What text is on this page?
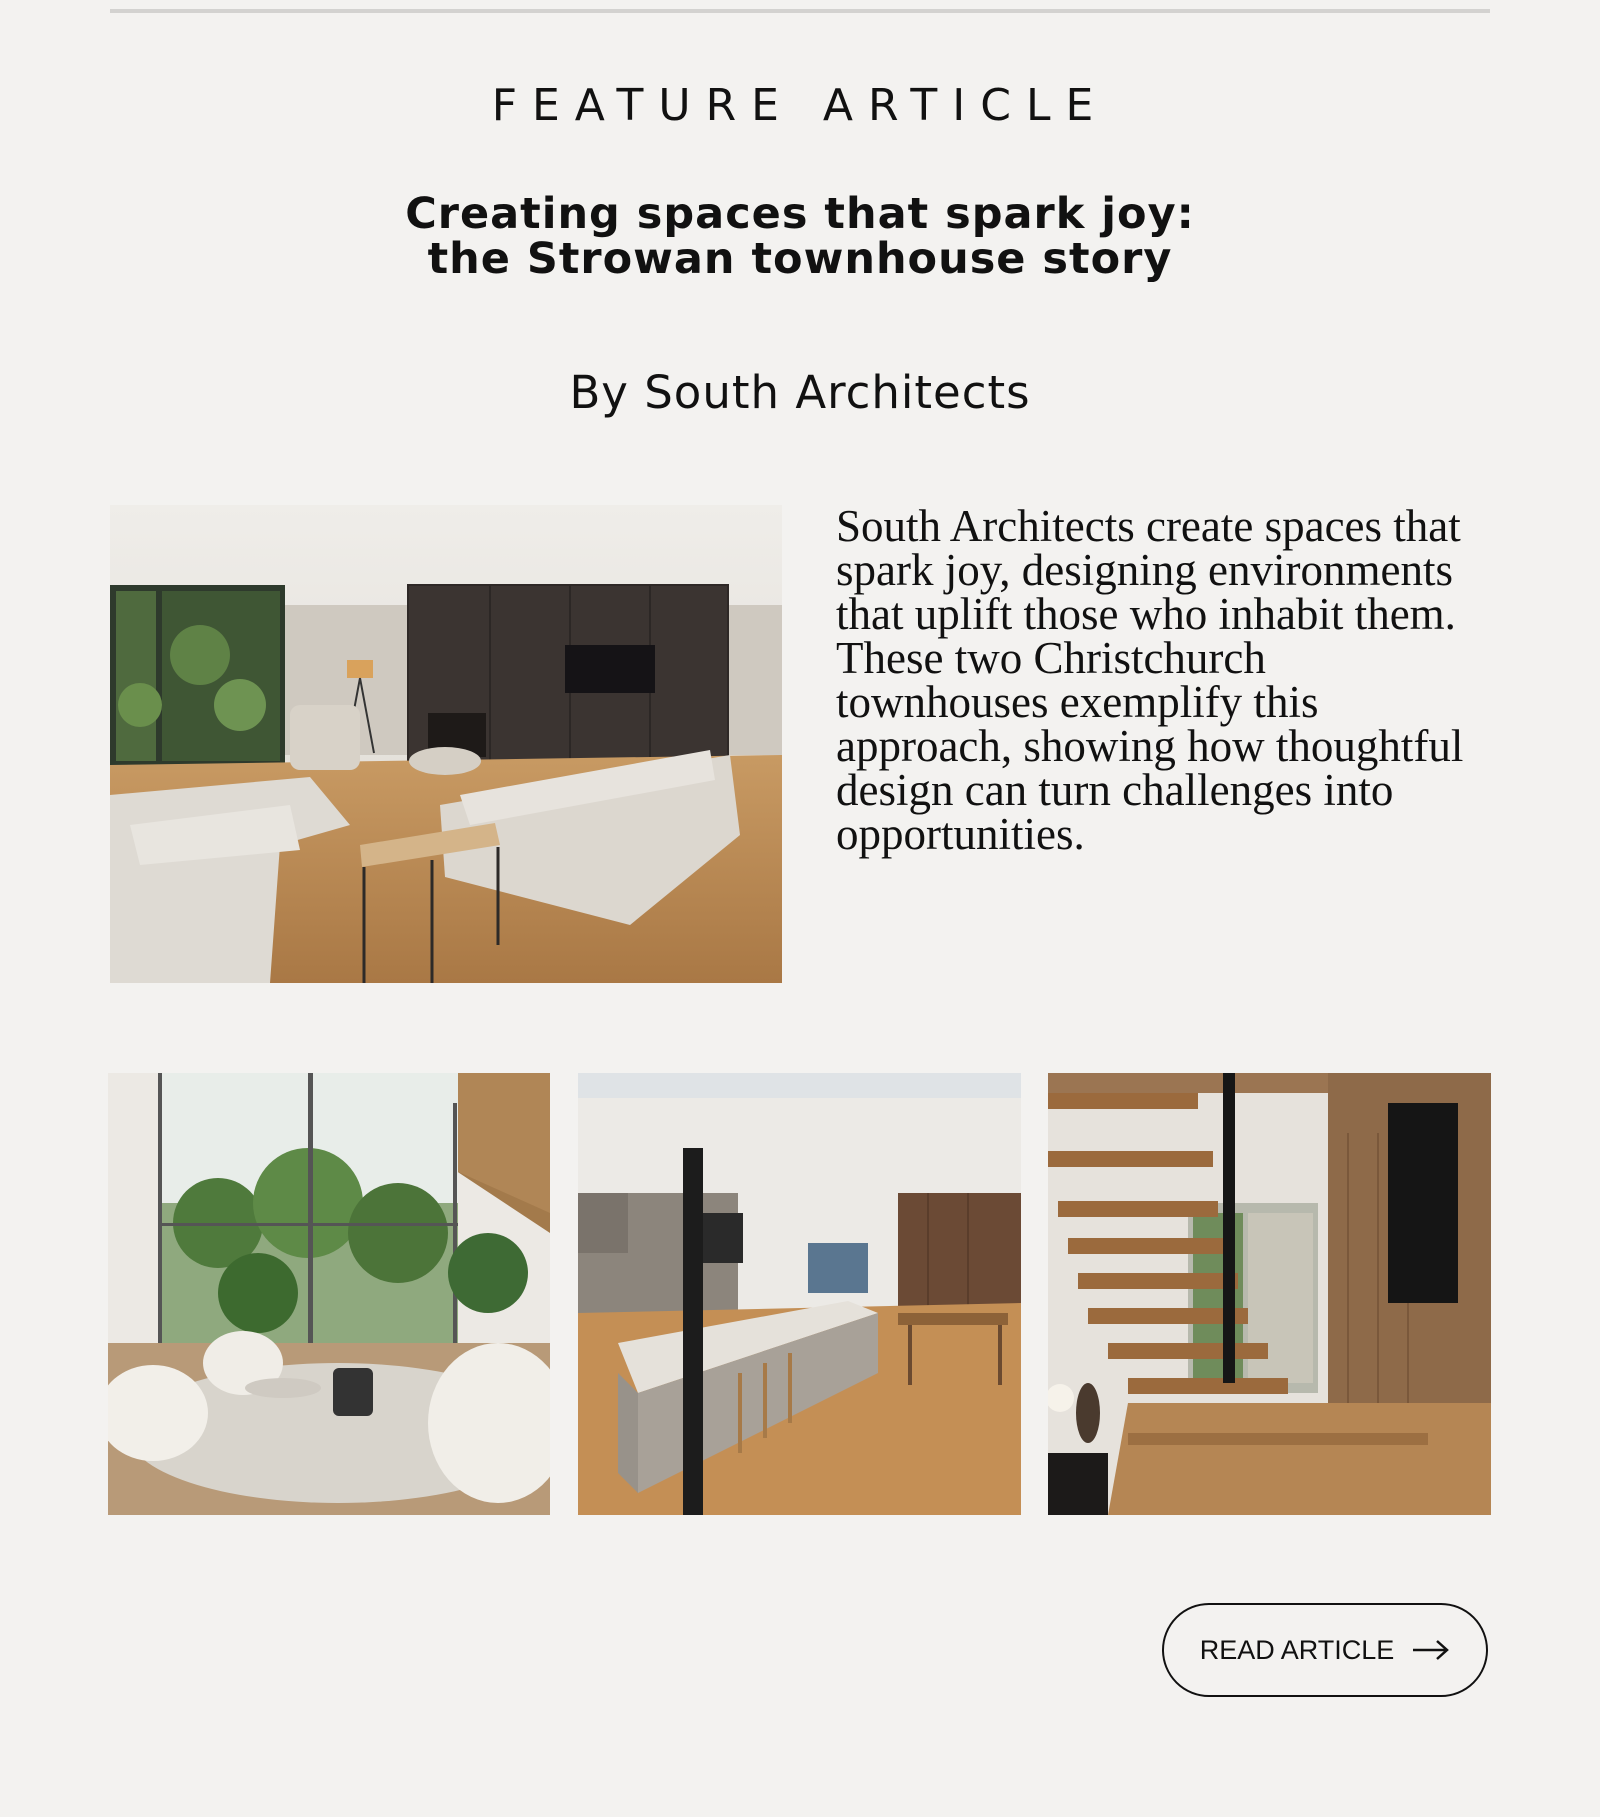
FEATURE ARTICLE
Creating spaces that spark joy:
the Strowan townhouse story
By South Architects

South Architects create spaces that spark joy, designing environments that uplift those who inhabit them. These two Christchurch townhouses exemplify this approach, showing how thoughtful design can turn challenges into opportunities.

READ ARTICLE
